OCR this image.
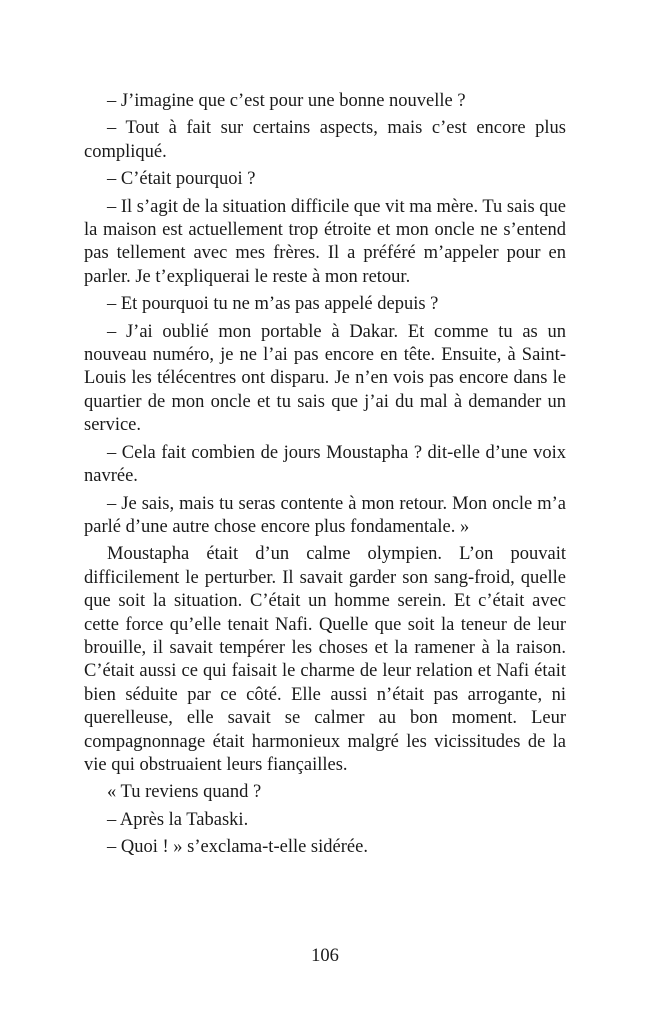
– J’imagine que c’est pour une bonne nouvelle ?

– Tout à fait sur certains aspects, mais c’est encore plus compliqué.

– C’était pourquoi ?

– Il s’agit de la situation difficile que vit ma mère. Tu sais que la maison est actuellement trop étroite et mon oncle ne s’entend pas tellement avec mes frères. Il a préféré m’appeler pour en parler. Je t’expliquerai le reste à mon retour.

– Et pourquoi tu ne m’as pas appelé depuis ?

– J’ai oublié mon portable à Dakar. Et comme tu as un nouveau numéro, je ne l’ai pas encore en tête. Ensuite, à Saint-Louis les télécentres ont disparu. Je n’en vois pas encore dans le quartier de mon oncle et tu sais que j’ai du mal à demander un service.

– Cela fait combien de jours Moustapha ? dit-elle d’une voix navrée.

– Je sais, mais tu seras contente à mon retour. Mon oncle m’a parlé d’une autre chose encore plus fondamentale. »

Moustapha était d’un calme olympien. L’on pouvait difficilement le perturber. Il savait garder son sang-froid, quelle que soit la situation. C’était un homme serein. Et c’était avec cette force qu’elle tenait Nafi. Quelle que soit la teneur de leur brouille, il savait tempérer les choses et la ramener à la raison. C’était aussi ce qui faisait le charme de leur relation et Nafi était bien séduite par ce côté. Elle aussi n’était pas arrogante, ni querelleuse, elle savait se calmer au bon moment. Leur compagnonnage était harmonieux malgré les vicissitudes de la vie qui obstruaient leurs fiançailles.

« Tu reviens quand ?

– Après la Tabaski.

– Quoi ! » s’exclama-t-elle sidérée.

106
